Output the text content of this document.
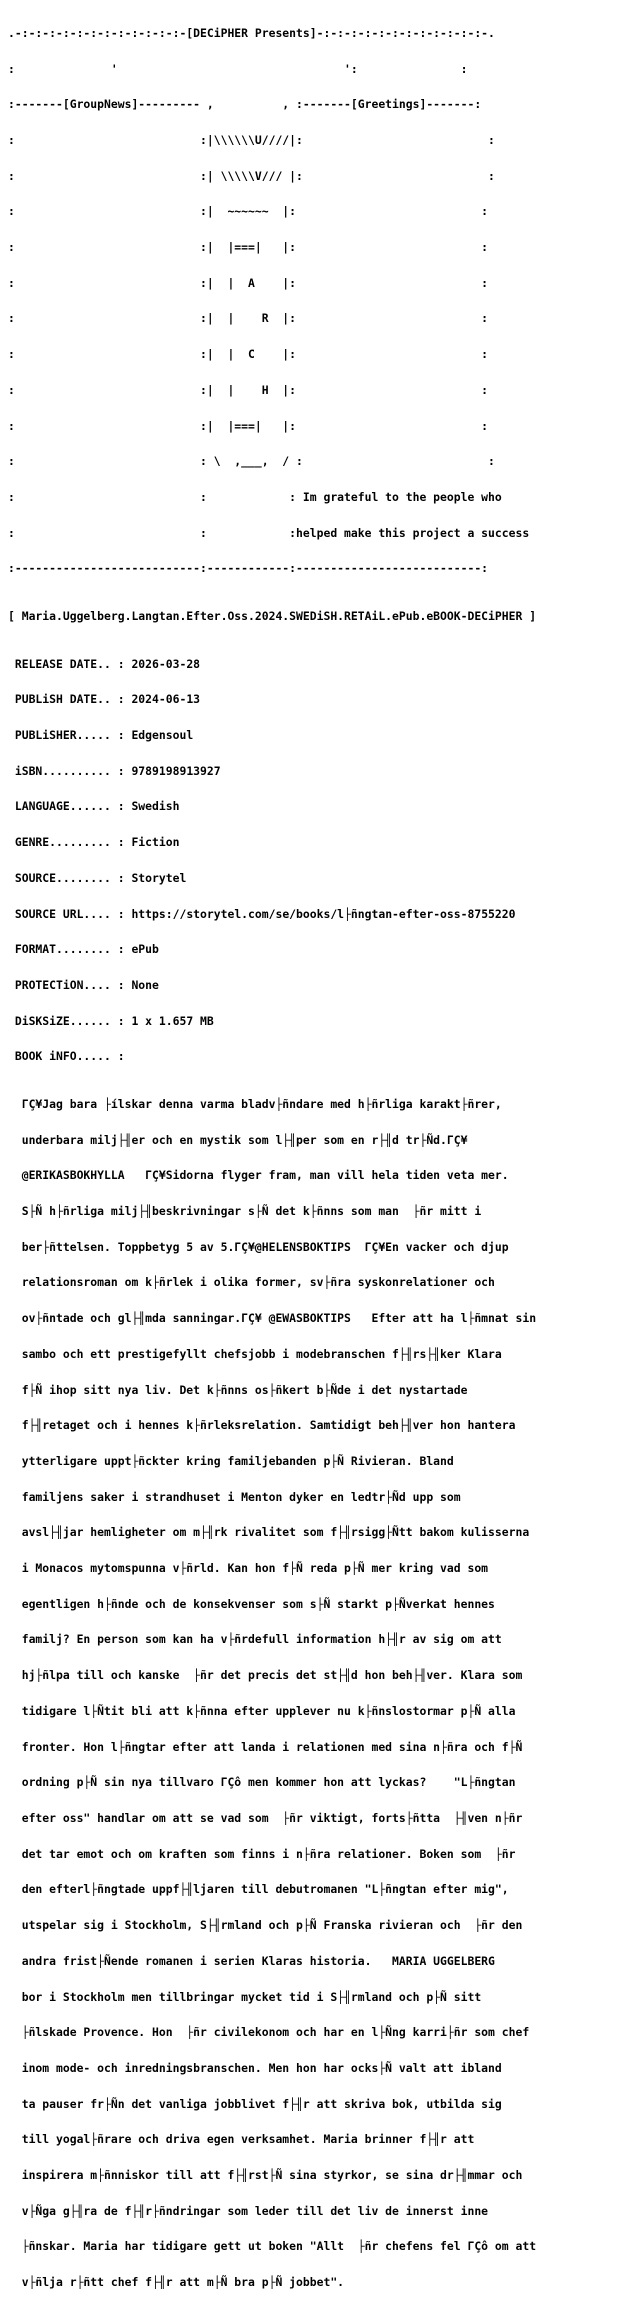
.-:-:-:-:-:-:-:-:-:-:-:-:-[DECiPHER Presents]-:-:-:-:-:-:-:-:-:-:-:-:-.

:              '                                 ':               :

:-------[GroupNews]--------- ,          , :-------[Greetings]-------:

:                           :|\\\\\\U////|:                           :

:                           :| \\\\\V/// |:                           :

:                           :|  ~~~~~~  |:                           :

:                           :|  |===|   |:                           :

:                           :|  |  A    |:                           :

:                           :|  |    R  |:                           :

:                           :|  |  C    |:                           :

:                           :|  |    H  |:                           :

:                           :|  |===|   |:                           :

:                           : \  ,___,  / :                           :

:                           :            : Im grateful to the people who

:                           :            :helped make this project a success

:---------------------------:------------:---------------------------:

[ Maria.Uggelberg.Langtan.Efter.Oss.2024.SWEDiSH.RETAiL.ePub.eBOOK-DECiPHER ]

RELEASE DATE.. : 2026-03-28

PUBLiSH DATE.. : 2024-06-13

PUBLiSHER..... : Edgensoul

iSBN.......... : 9789198913927

LANGUAGE...... : Swedish

GENRE......... : Fiction

SOURCE........ : Storytel

SOURCE URL.... : https://storytel.com/se/books/l├ñngtan-efter-oss-8755220

FORMAT........ : ePub

PROTECTiON.... : None

DiSKSiZE...... : 1 x 1.657 MB

BOOK iNFO..... :

ΓÇ¥Jag bara ├ílskar denna varma bladv├ñndare med h├ñrliga karakt├ñrer,

underbara milj├╢er och en mystik som l├╢per som en r├╢d tr├Ñd.ΓÇ¥

@ERIKASBOKHYLLA   ΓÇ¥Sidorna flyger fram, man vill hela tiden veta mer.

S├Ñ h├ñrliga milj├╢beskrivningar s├Ñ det k├ñnns som man  ├ñr mitt i

ber├ñttelsen. Toppbetyg 5 av 5.ΓÇ¥@HELENSBOKTIPS  ΓÇ¥En vacker och djup

relationsroman om k├ñrlek i olika former, sv├ñra syskonrelationer och

ov├ñntade och gl├╢mda sanningar.ΓÇ¥ @EWASBOKTIPS   Efter att ha l├ñmnat sin

sambo och ett prestigefyllt chefsjobb i modebranschen f├╢rs├╢ker Klara

f├Ñ ihop sitt nya liv. Det k├ñnns os├ñkert b├Ñde i det nystartade

f├╢retaget och i hennes k├ñrleksrelation. Samtidigt beh├╢ver hon hantera

ytterligare uppt├ñckter kring familjebanden p├Ñ Rivieran. Bland

familjens saker i strandhuset i Menton dyker en ledtr├Ñd upp som

avsl├╢jar hemligheter om m├╢rk rivalitet som f├╢rsigg├Ñtt bakom kulisserna

i Monacos mytomspunna v├ñrld. Kan hon f├Ñ reda p├Ñ mer kring vad som

egentligen h├ñnde och de konsekvenser som s├Ñ starkt p├Ñverkat hennes

familj? En person som kan ha v├ñrdefull information h├╢r av sig om att

hj├ñlpa till och kanske  ├ñr det precis det st├╢d hon beh├╢ver. Klara som

tidigare l├Ñtit bli att k├ñnna efter upplever nu k├ñnslostormar p├Ñ alla

fronter. Hon l├ñngtar efter att landa i relationen med sina n├ñra och f├Ñ

ordning p├Ñ sin nya tillvaro ΓÇô men kommer hon att lyckas?    "L├ñngtan

efter oss" handlar om att se vad som  ├ñr viktigt, forts├ñtta  ├╢ven n├ñr

det tar emot och om kraften som finns i n├ñra relationer. Boken som  ├ñr

den efterl├ñngtade uppf├╢ljaren till debutromanen "L├ñngtan efter mig",

utspelar sig i Stockholm, S├╢rmland och p├Ñ Franska rivieran och  ├ñr den

andra frist├Ñende romanen i serien Klaras historia.   MARIA UGGELBERG

bor i Stockholm men tillbringar mycket tid i S├╢rmland och p├Ñ sitt

├ñlskade Provence. Hon  ├ñr civilekonom och har en l├Ñng karri├ñr som chef

inom mode- och inredningsbranschen. Men hon har ocks├Ñ valt att ibland

ta pauser fr├Ñn det vanliga jobblivet f├╢r att skriva bok, utbilda sig

till yogal├ñrare och driva egen verksamhet. Maria brinner f├╢r att

inspirera m├ñnniskor till att f├╢rst├Ñ sina styrkor, se sina dr├╢mmar och

v├Ñga g├╢ra de f├╢r├ñndringar som leder till det liv de innerst inne

├ñnskar. Maria har tidigare gett ut boken "Allt  ├ñr chefens fel ΓÇô om att

v├ñlja r├ñtt chef f├╢r att m├Ñ bra p├Ñ jobbet".
